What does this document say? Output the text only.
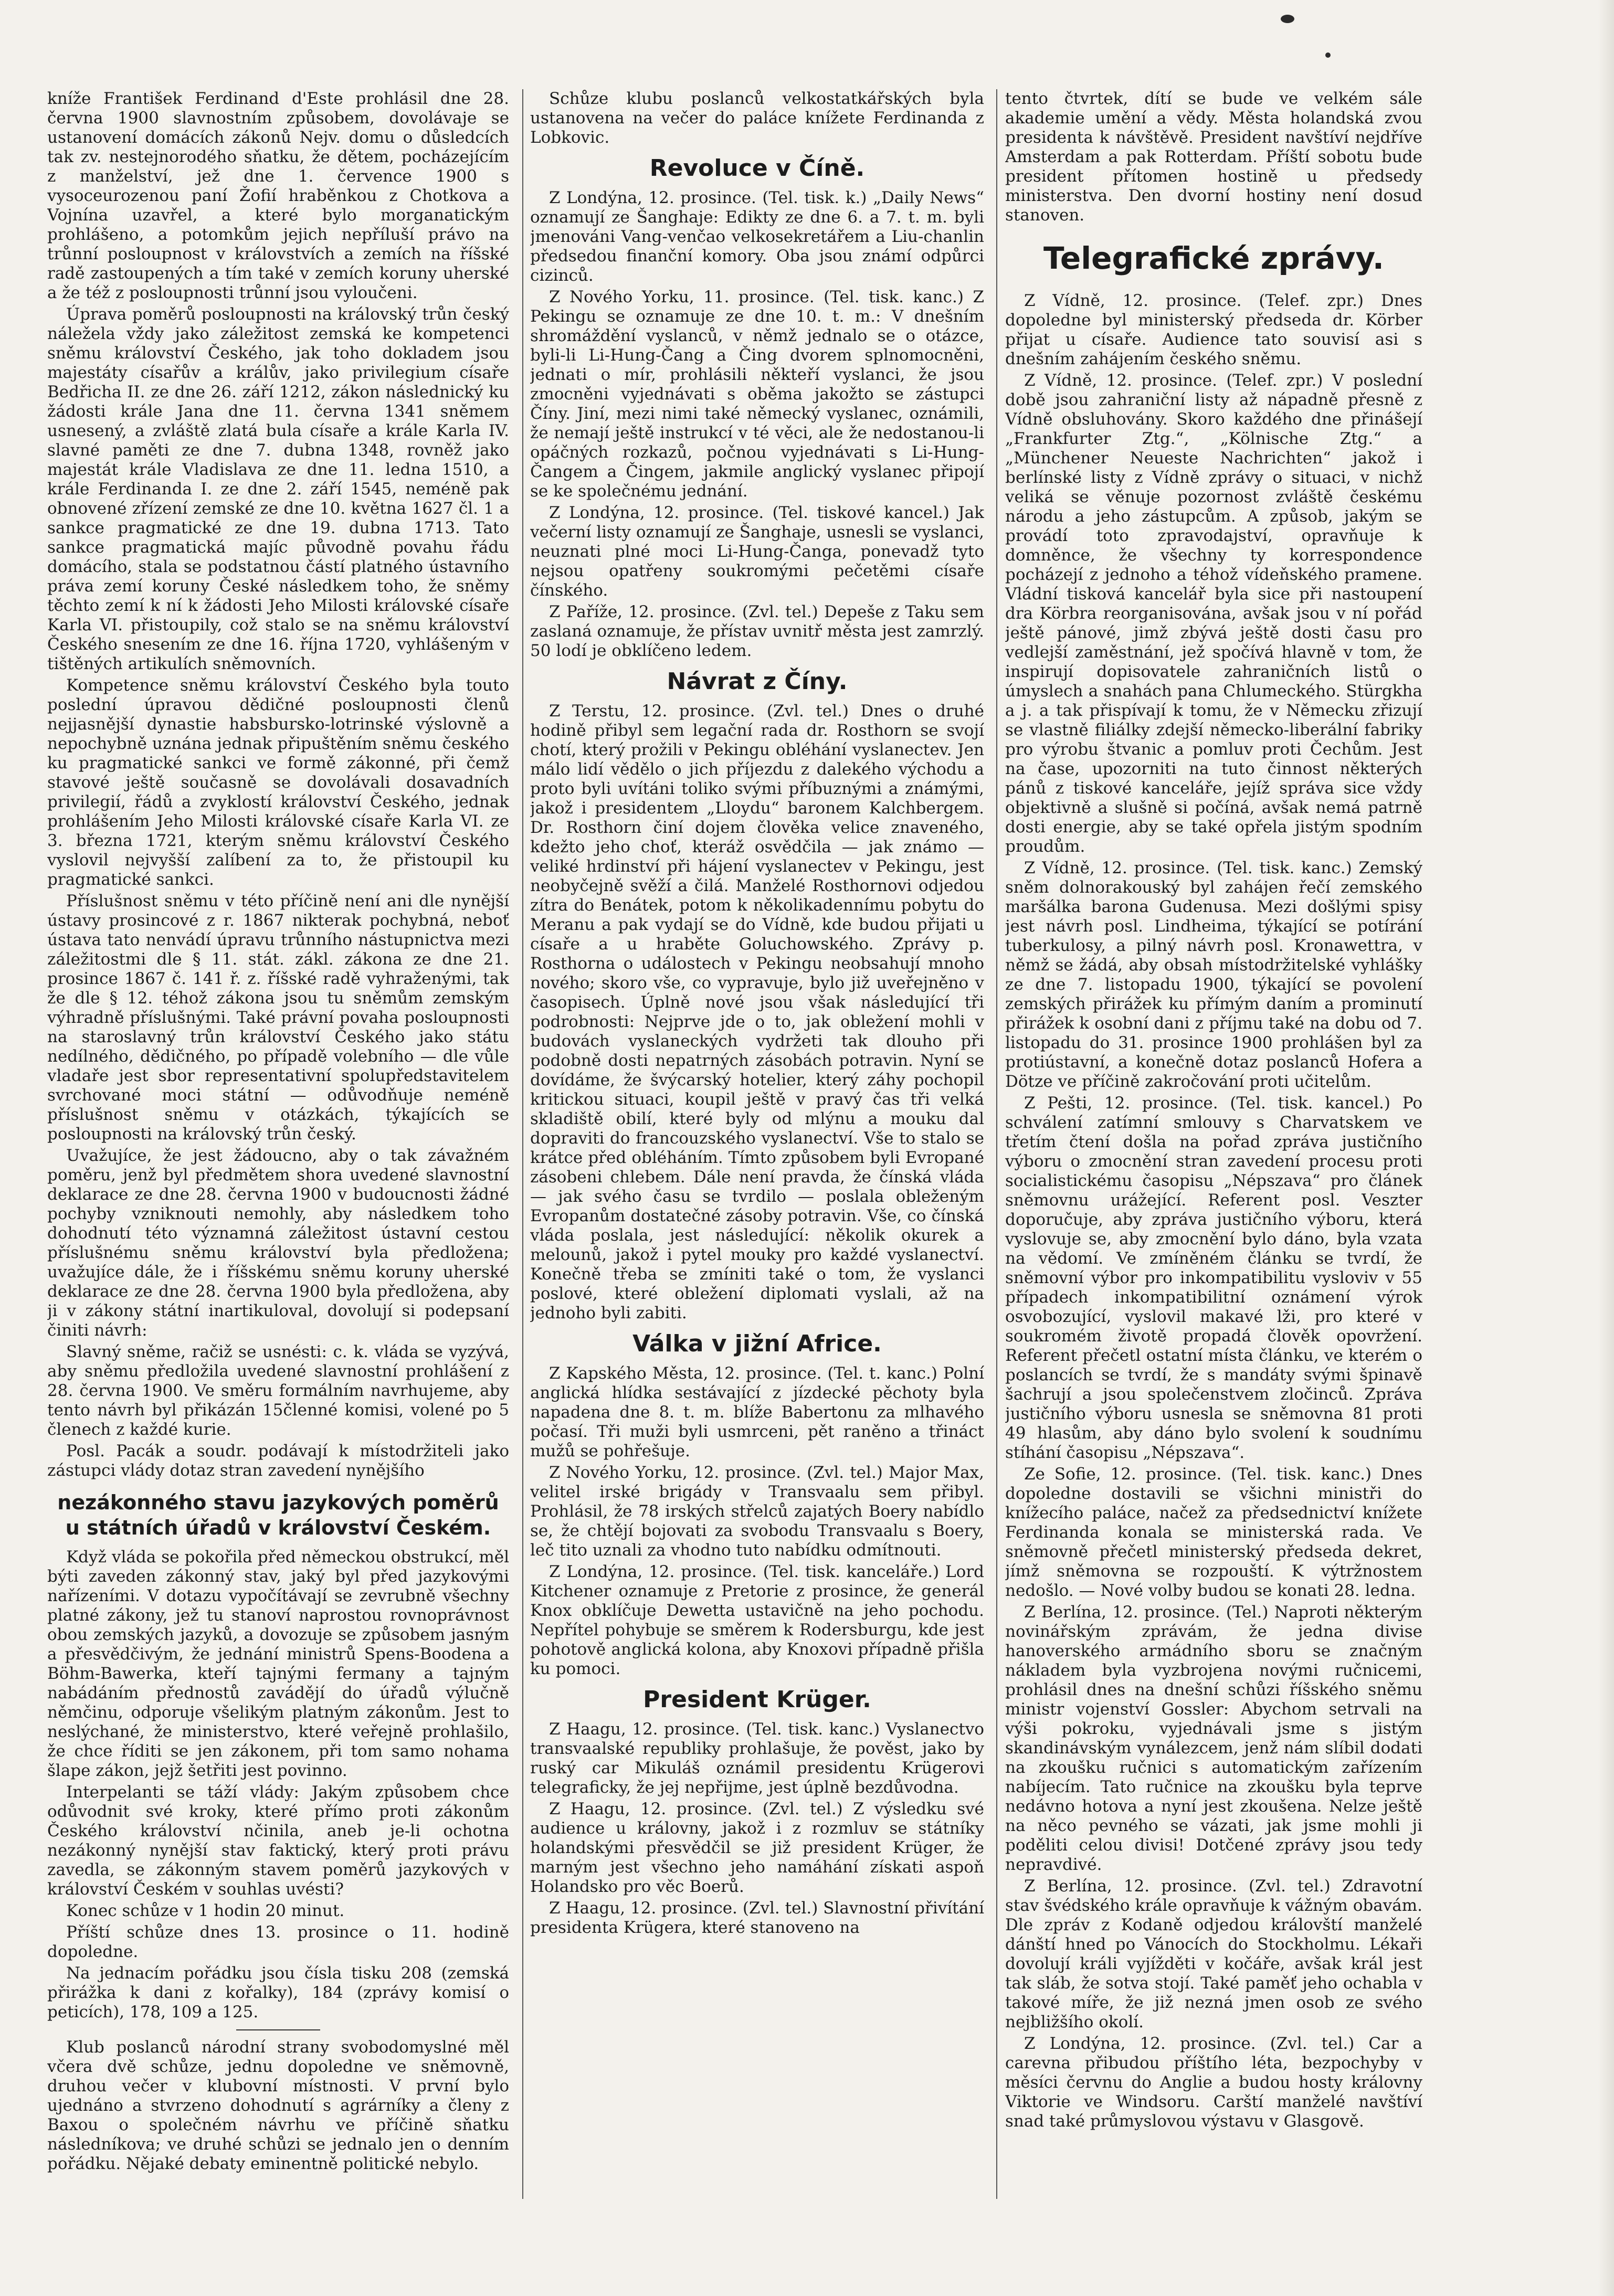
kníže František Ferdinand d'Este prohlásil dne 28. června 1900 slavnostním způsobem, dovolávaje se ustanovení domácích zákonů Nejv. domu o důsledcích tak zv. nestejnorodého sňatku, že dětem, pocházejícím z manželství, jež dne 1. července 1900 s vysoceurozenou paní Žofií hraběnkou z Chotkova a Vojnína uzavřel, a které bylo morganatickým prohlášeno, a potomkům jejich nepříluší právo na trůnní posloupnost v královstvích a zemích na říšské radě zastoupených a tím také v zemích koruny uherské a že též z posloupnosti trůnní jsou vyloučeni.

Úprava poměrů posloupnosti na královský trůn český náležela vždy jako záležitost zemská ke kompetenci sněmu království Českého, jak toho dokladem jsou majestáty císařův a králův, jako privilegium císaře Bedřicha II. ze dne 26. září 1212, zákon následnický ku žádosti krále Jana dne 11. června 1341 sněmem usnesený, a zvláště zlatá bula císaře a krále Karla IV. slavné paměti ze dne 7. dubna 1348, rovněž jako majestát krále Vladislava ze dne 11. ledna 1510, a krále Ferdinanda I. ze dne 2. září 1545, neméně pak obnovené zřízení zemské ze dne 10. května 1627 čl. 1 a sankce pragmatické ze dne 19. dubna 1713. Tato sankce pragmatická majíc původně povahu řádu domácího, stala se podstatnou částí platného ústavního práva zemí koruny České následkem toho, že sněmy těchto zemí k ní k žádosti Jeho Milosti královské císaře Karla VI. přistoupily, což stalo se na sněmu království Českého snesením ze dne 16. října 1720, vyhlášeným v tištěných artikulích sněmovních.

Kompetence sněmu království Českého byla touto poslední úpravou dědičné posloupnosti členů nejjasnější dynastie habsbursko-lotrinské výslovně a nepochybně uznána jednak připuštěním sněmu českého ku pragmatické sankci ve formě zákonné, při čemž stavové ještě současně se dovolávali dosavadních privilegií, řádů a zvyklostí království Českého, jednak prohlášením Jeho Milosti královské císaře Karla VI. ze 3. března 1721, kterým sněmu království Českého vyslovil nejvyšší zalíbení za to, že přistoupil ku pragmatické sankci.

Příslušnost sněmu v této příčině není ani dle nynější ústavy prosincové z r. 1867 nikterak pochybná, neboť ústava tato nenvádí úpravu trůnního nástupnictva mezi záležitostmi dle § 11. stát. zákl. zákona ze dne 21. prosince 1867 č. 141 ř. z. říšské radě vyhraženými, tak že dle § 12. téhož zákona jsou tu sněmům zemským výhradně příslušnými. Také právní povaha posloupnosti na staroslavný trůn království Českého jako státu nedílného, dědičného, po případě volebního — dle vůle vladaře jest sbor representativní spolupředstavitelem svrchované moci státní — odůvodňuje neméně příslušnost sněmu v otázkách, týkajících se posloupnosti na královský trůn český.

Uvažujíce, že jest žádoucno, aby o tak závažném poměru, jenž byl předmětem shora uvedené slavnostní deklarace ze dne 28. června 1900 v budoucnosti žádné pochyby vzniknouti nemohly, aby následkem toho dohodnutí této významná záležitost ústavní cestou příslušnému sněmu království byla předložena; uvažujíce dále, že i říšskému sněmu koruny uherské deklarace ze dne 28. června 1900 byla předložena, aby ji v zákony státní inartikuloval, dovolují si podepsaní činiti návrh:

Slavný sněme, račiž se usnésti: c. k. vláda se vyzývá, aby sněmu předložila uvedené slavnostní prohlášení z 28. června 1900. Ve směru formálním navrhujeme, aby tento návrh byl přikázán 15členné komisi, volené po 5 členech z každé kurie.

Posl. Pacák a soudr. podávají k místodržiteli jako zástupci vlády dotaz stran zavedení nynějšího

nezákonného stavu jazykových poměrů u státních úřadů v království Českém.

Když vláda se pokořila před německou obstrukcí, měl býti zaveden zákonný stav, jaký byl před jazykovými nařízeními. V dotazu vypočítávají se zevrubně všechny platné zákony, jež tu stanoví naprostou rovnoprávnost obou zemských jazyků, a dovozuje se způsobem jasným a přesvědčivým, že jednání ministrů Spens-Boodena a Böhm-Bawerka, kteří tajnými fermany a tajným nabádáním přednostů zavádějí do úřadů výlučně němčinu, odporuje všelikým platným zákonům. Jest to neslýchané, že ministerstvo, které veřejně prohlašilo, že chce říditi se jen zákonem, při tom samo nohama šlape zákon, jejž šetřiti jest povinno.

Interpelanti se táží vlády: Jakým způsobem chce odůvodnit své kroky, které přímo proti zákonům Českého království nčinila, aneb je-li ochotna nezákonný nynější stav faktický, který proti právu zavedla, se zákonným stavem poměrů jazykových v království Českém v souhlas uvésti?

Konec schůze v 1 hodin 20 minut.

Příští schůze dnes 13. prosince o 11. hodině dopoledne.

Na jednacím pořádku jsou čísla tisku 208 (zemská přirážka k dani z kořalky), 184 (zprávy komisí o peticích), 178, 109 a 125.

Klub poslanců národní strany svobodomyslné měl včera dvě schůze, jednu dopoledne ve sněmovně, druhou večer v klubovní místnosti. V první bylo ujednáno a stvrzeno dohodnutí s agrárníky a členy z Baxou o společném návrhu ve příčině sňatku následníkova; ve druhé schůzi se jednalo jen o denním pořádku. Nějaké debaty eminentně politické nebylo.

Schůze klubu poslanců velkostatkářských byla ustanovena na večer do paláce knížete Ferdinanda z Lobkovic.

Revoluce v Číně.

Z Londýna, 12. prosince. (Tel. tisk. k.) „Daily News“ oznamují ze Šanghaje: Edikty ze dne 6. a 7. t. m. byli jmenováni Vang-venčao velkosekretářem a Liu-chanlin předsedou finanční komory. Oba jsou známí odpůrci cizinců.

Z Nového Yorku, 11. prosince. (Tel. tisk. kanc.) Z Pekingu se oznamuje ze dne 10. t. m.: V dnešním shromáždění vyslanců, v němž jednalo se o otázce, byli-li Li-Hung-Čang a Čing dvorem splnomocněni, jednati o mír, prohlásili někteří vyslanci, že jsou zmocněni vyjednávati s oběma jakožto se zástupci Číny. Jiní, mezi nimi také německý vyslanec, oznámili, že nemají ještě instrukcí v té věci, ale že nedostanou-li opáčných rozkazů, počnou vyjednávati s Li-Hung-Čangem a Čingem, jakmile anglický vyslanec připojí se ke společnému jednání.

Z Londýna, 12. prosince. (Tel. tiskové kancel.) Jak večerní listy oznamují ze Šanghaje, usnesli se vyslanci, neuznati plné moci Li-Hung-Čanga, ponevadž tyto nejsou opatřeny soukromými pečetěmi císaře čínského.

Z Paříže, 12. prosince. (Zvl. tel.) Depeše z Taku sem zaslaná oznamuje, že přístav uvnitř města jest zamrzlý. 50 lodí je obklíčeno ledem.

Návrat z Číny.

Z Terstu, 12. prosince. (Zvl. tel.) Dnes o druhé hodině přibyl sem legační rada dr. Rosthorn se svojí chotí, který prožili v Pekingu obléhání vyslanectev. Jen málo lidí vědělo o jich příjezdu z dalekého východu a proto byli uvítáni toliko svými příbuznými a známými, jakož i presidentem „Lloydu“ baronem Kalchbergem. Dr. Rosthorn činí dojem člověka velice znaveného, kdežto jeho choť, kteráž osvědčila — jak známo — veliké hrdinství při hájení vyslanectev v Pekingu, jest neobyčejně svěží a čilá. Manželé Rosthornovi odjedou zítra do Benátek, potom k několikadennímu pobytu do Meranu a pak vydají se do Vídně, kde budou přijati u císaře a u hraběte Goluchowského. Zprávy p. Rosthorna o událostech v Pekingu neobsahují mnoho nového; skoro vše, co vypravuje, bylo již uveřejněno v časopisech. Úplně nové jsou však následující tři podrobnosti: Nejprve jde o to, jak obležení mohli v budovách vyslaneckých vydržeti tak dlouho při podobně dosti nepatrných zásobách potravin. Nyní se dovídáme, že švýcarský hotelier, který záhy pochopil kritickou situaci, koupil ještě v pravý čas tři velká skladiště obilí, které byly od mlýnu a mouku dal dopraviti do francouzského vyslanectví. Vše to stalo se krátce před obléháním. Tímto způsobem byli Evropané zásobeni chlebem. Dále není pravda, že čínská vláda — jak svého času se tvrdilo — poslala obleženým Evropanům dostatečné zásoby potravin. Vše, co čínská vláda poslala, jest následující: několik okurek a melounů, jakož i pytel mouky pro každé vyslanectví. Konečně třeba se zmíniti také o tom, že vyslanci poslové, které obležení diplomati vyslali, až na jednoho byli zabiti.

Válka v jižní Africe.

Z Kapského Města, 12. prosince. (Tel. t. kanc.) Polní anglická hlídka sestávající z jízdecké pěchoty byla napadena dne 8. t. m. blíže Babertonu za mlhavého počasí. Tři muži byli usmrceni, pět raněno a třináct mužů se pohřešuje.

Z Nového Yorku, 12. prosince. (Zvl. tel.) Major Max, velitel irské brigády v Transvaalu sem přibyl. Prohlásil, že 78 irských střelců zajatých Boery nabídlo se, že chtějí bojovati za svobodu Transvaalu s Boery, leč tito uznali za vhodno tuto nabídku odmítnouti.

Z Londýna, 12. prosince. (Tel. tisk. kanceláře.) Lord Kitchener oznamuje z Pretorie z prosince, že generál Knox obklíčuje Dewetta ustavičně na jeho pochodu. Nepřítel pohybuje se směrem k Rodersburgu, kde jest pohotově anglická kolona, aby Knoxovi případně přišla ku pomoci.

President Krüger.

Z Haagu, 12. prosince. (Tel. tisk. kanc.) Vyslanectvo transvaalské republiky prohlašuje, že pověst, jako by ruský car Mikuláš oznámil presidentu Krügerovi telegraficky, že jej nepřijme, jest úplně bezdůvodna.

Z Haagu, 12. prosince. (Zvl. tel.) Z výsledku své audience u královny, jakož i z rozmluv se státníky holandskými přesvědčil se již president Krüger, že marným jest všechno jeho namáhání získati aspoň Holandsko pro věc Boerů.

Z Haagu, 12. prosince. (Zvl. tel.) Slavnostní přivítání presidenta Krügera, které stanoveno na

tento čtvrtek, dítí se bude ve velkém sále akademie umění a vědy. Města holandská zvou presidenta k návštěvě. President navštíví nejdříve Amsterdam a pak Rotterdam. Příští sobotu bude president přítomen hostině u předsedy ministerstva. Den dvorní hostiny není dosud stanoven.

Telegrafické zprávy.

Z Vídně, 12. prosince. (Telef. zpr.) Dnes dopoledne byl ministerský předseda dr. Körber přijat u císaře. Audience tato souvisí asi s dnešním zahájením českého sněmu.

Z Vídně, 12. prosince. (Telef. zpr.) V poslední době jsou zahraniční listy až nápadně přesně z Vídně obsluhovány. Skoro každého dne přinášejí „Frankfurter Ztg.“, „Kölnische Ztg.“ a „Münchener Neueste Nachrichten“ jakož i berlínské listy z Vídně zprávy o situaci, v nichž veliká se věnuje pozornost zvláště českému národu a jeho zástupcům. A způsob, jakým se provádí toto zpravodajství, opravňuje k domněnce, že všechny ty korrespondence pocházejí z jednoho a téhož vídeňského pramene. Vládní tisková kancelář byla sice při nastoupení dra Körbra reorganisována, avšak jsou v ní pořád ještě pánové, jimž zbývá ještě dosti času pro vedlejší zaměstnání, jež spočívá hlavně v tom, že inspirují dopisovatele zahraničních listů o úmyslech a snahách pana Chlumeckého. Stürgkha a j. a tak přispívají k tomu, že v Německu zřizují se vlastně filiálky zdejší německo-liberální fabriky pro výrobu štvanic a pomluv proti Čechům. Jest na čase, upozorniti na tuto činnost některých pánů z tiskové kanceláře, jejíž správa sice vždy objektivně a slušně si počíná, avšak nemá patrně dosti energie, aby se také opřela jistým spodním proudům.

Z Vídně, 12. prosince. (Tel. tisk. kanc.) Zemský sněm dolnorakouský byl zahájen řečí zemského maršálka barona Gudenusa. Mezi došlými spisy jest návrh posl. Lindheima, týkající se potírání tuberkulosy, a pilný návrh posl. Kronawettra, v němž se žádá, aby obsah místodržitelské vyhlášky ze dne 7. listopadu 1900, týkající se povolení zemských přirážek ku přímým daním a prominutí přirážek k osobní dani z příjmu také na dobu od 7. listopadu do 31. prosince 1900 prohlášen byl za protiústavní, a konečně dotaz poslanců Hofera a Dötze ve příčině zakročování proti učitelům.

Z Pešti, 12. prosince. (Tel. tisk. kancel.) Po schválení zatímní smlouvy s Charvatskem ve třetím čtení došla na pořad zpráva justičního výboru o zmocnění stran zavedení procesu proti socialistickému časopisu „Népszava“ pro článek sněmovnu urážející. Referent posl. Veszter doporučuje, aby zpráva justičního výboru, která vyslovuje se, aby zmocnění bylo dáno, byla vzata na vědomí. Ve zmíněném článku se tvrdí, že sněmovní výbor pro inkompatibilitu vysloviv v 55 případech inkompatibilitní oznámení výrok osvobozující, vyslovil makavé lži, pro které v soukromém životě propadá člověk opovržení. Referent přečetl ostatní místa článku, ve kterém o poslancích se tvrdí, že s mandáty svými špinavě šachrují a jsou společenstvem zločinců. Zpráva justičního výboru usnesla se sněmovna 81 proti 49 hlasům, aby dáno bylo svolení k soudnímu stíhání časopisu „Népszava“.

Ze Sofie, 12. prosince. (Tel. tisk. kanc.) Dnes dopoledne dostavili se všichni ministři do knížecího paláce, načež za předsednictví knížete Ferdinanda konala se ministerská rada. Ve sněmovně přečetl ministerský předseda dekret, jímž sněmovna se rozpouští. K výtržnostem nedošlo. — Nové volby budou se konati 28. ledna.

Z Berlína, 12. prosince. (Tel.) Naproti některým novinářským zprávám, že jedna divise hanoverského armádního sboru se značným nákladem byla vyzbrojena novými ručnicemi, prohlásil dnes na dnešní schůzi říšského sněmu ministr vojenství Gossler: Abychom setrvali na výši pokroku, vyjednávali jsme s jistým skandinávským vynálezcem, jenž nám slíbil dodati na zkoušku ručnici s automatickým zařízením nabíjecím. Tato ručnice na zkoušku byla teprve nedávno hotova a nyní jest zkoušena. Nelze ještě na něco pevného se vázati, jak jsme mohli ji poděliti celou divisi! Dotčené zprávy jsou tedy nepravdivé.

Z Berlína, 12. prosince. (Zvl. tel.) Zdravotní stav švédského krále opravňuje k vážným obavám. Dle zpráv z Kodaně odjedou královští manželé dánští hned po Vánocích do Stockholmu. Lékaři dovolují králi vyjížděti v kočáře, avšak král jest tak sláb, že sotva stojí. Také paměť jeho ochabla v takové míře, že již nezná jmen osob ze svého nejbližšího okolí.

Z Londýna, 12. prosince. (Zvl. tel.) Car a carevna přibudou příštího léta, bezpochyby v měsíci červnu do Anglie a budou hosty královny Viktorie ve Windsoru. Carští manželé navštíví snad také průmyslovou výstavu v Glasgově.
